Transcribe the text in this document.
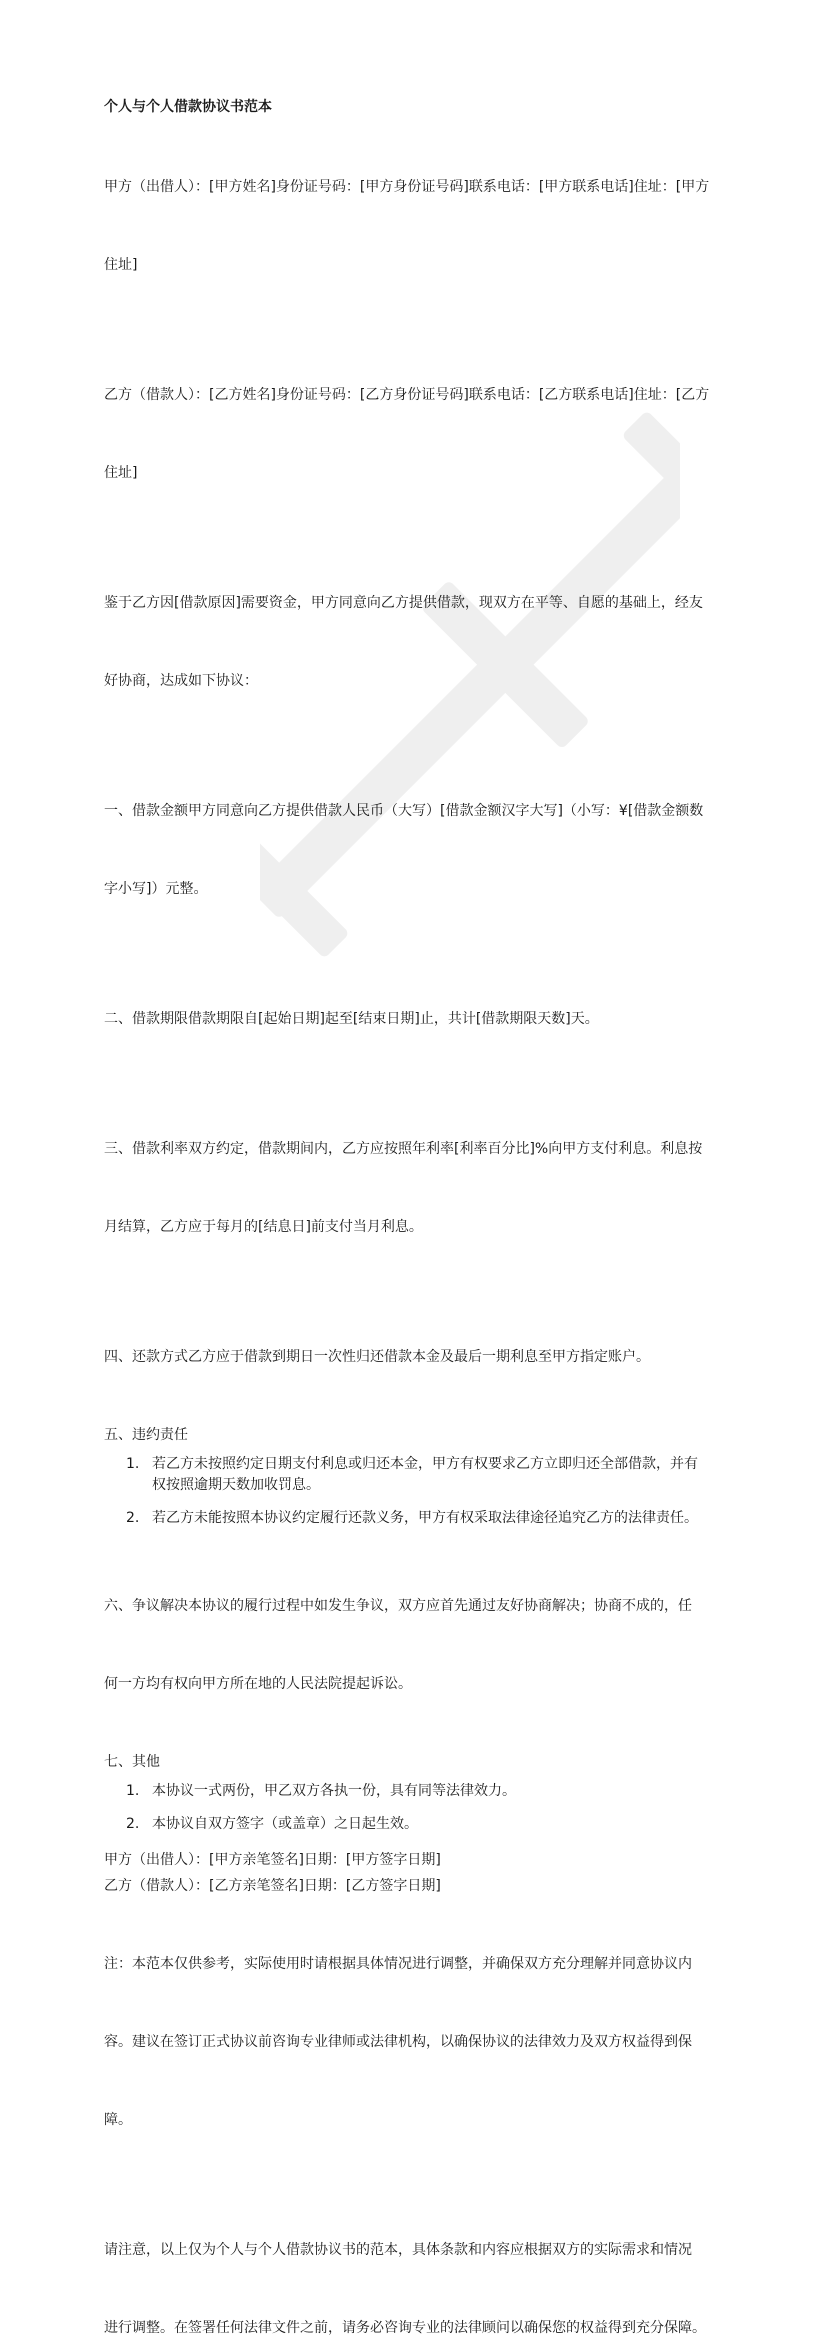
个人与个人借款协议书范本

甲方（出借人）：[甲方姓名]身份证号码：[甲方身份证号码]联系电话：[甲方联系电话]住址：[甲方

住址]

乙方（借款人）：[乙方姓名]身份证号码：[乙方身份证号码]联系电话：[乙方联系电话]住址：[乙方

住址]

鉴于乙方因[借款原因]需要资金，甲方同意向乙方提供借款，现双方在平等、自愿的基础上，经友

好协商，达成如下协议：

一、借款金额甲方同意向乙方提供借款人民币（大写）[借款金额汉字大写]（小写：¥[借款金额数

字小写]）元整。

二、借款期限借款期限自[起始日期]起至[结束日期]止，共计[借款期限天数]天。

三、借款利率双方约定，借款期间内，乙方应按照年利率[利率百分比]%向甲方支付利息。利息按

月结算，乙方应于每月的[结息日]前支付当月利息。

四、还款方式乙方应于借款到期日一次性归还借款本金及最后一期利息至甲方指定账户。

五、违约责任

1. 若乙方未按照约定日期支付利息或归还本金，甲方有权要求乙方立即归还全部借款，并有
权按照逾期天数加收罚息。
2. 若乙方未能按照本协议约定履行还款义务，甲方有权采取法律途径追究乙方的法律责任。

六、争议解决本协议的履行过程中如发生争议，双方应首先通过友好协商解决；协商不成的，任

何一方均有权向甲方所在地的人民法院提起诉讼。

七、其他

1. 本协议一式两份，甲乙双方各执一份，具有同等法律效力。
2. 本协议自双方签字（或盖章）之日起生效。

甲方（出借人）：[甲方亲笔签名]日期：[甲方签字日期]

乙方（借款人）：[乙方亲笔签名]日期：[乙方签字日期]

注：本范本仅供参考，实际使用时请根据具体情况进行调整，并确保双方充分理解并同意协议内

容。建议在签订正式协议前咨询专业律师或法律机构，以确保协议的法律效力及双方权益得到保

障。

请注意，以上仅为个人与个人借款协议书的范本，具体条款和内容应根据双方的实际需求和情况

进行调整。在签署任何法律文件之前，请务必咨询专业的法律顾问以确保您的权益得到充分保障。
